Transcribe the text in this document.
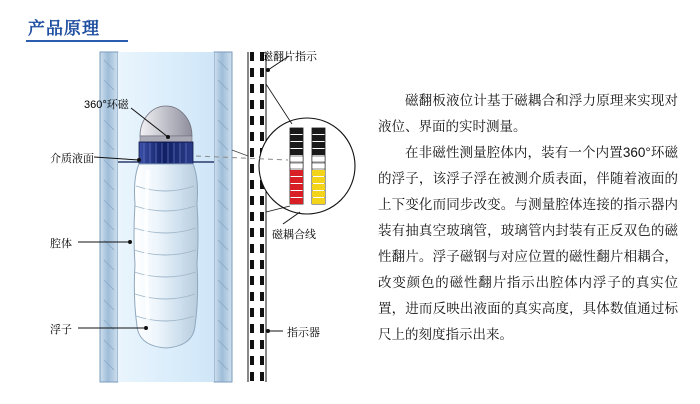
产品原理
磁翻片指示
360°环磁
介质液面
腔体
浮子
磁耦合线
指示器

磁翻板液位计基于磁耦合和浮力原理来实现对液位、界面的实时测量。

在非磁性测量腔体内，装有一个内置360°环磁的浮子，该浮子浮在被测介质表面，伴随着液面的上下变化而同步改变。与测量腔体连接的指示器内装有抽真空玻璃管，玻璃管内封装有正反双色的磁性翻片。浮子磁钢与对应位置的磁性翻片相耦合，改变颜色的磁性翻片指示出腔体内浮子的真实位置，进而反映出液面的真实高度，具体数值通过标尺上的刻度指示出来。
